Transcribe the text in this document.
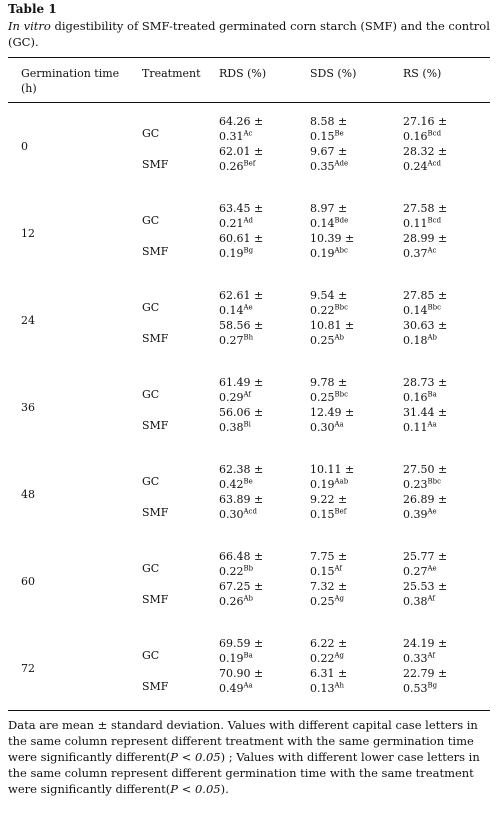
Table 1
In vitro digestibility of SMF-treated germinated corn starch (SMF) and the control (GC).
Germination time (h)
Treatment RDS (%)	SDS (%)	RS (%)
0
GC
64.26 ±
$0.31^{Ac}$
8.58 ±
$0.15^{Be}$
27.16 ±
$0.16^{Bcd}$
SMF
62.01 ±
$0.26^{Bef}$
9.67 ±
$0.35^{Ade}$
28.32 ±
$0.24^{Acd}$
12
GC
63.45 ±
$0.21^{Ad}$
8.97 ±
$0.14^{Bde}$
27.58 ±
$0.11^{Bcd}$
SMF
60.61 ±
$0.19^{Bg}$
10.39 ±
$0.19^{Abc}$
28.99 ±
$0.37^{Ac}$
24
GC
62.61 ±
$0.14^{Ae}$
9.54 ±
$0.22^{Bbc}$
27.85 ±
$0.14^{Bbc}$
SMF
58.56 ±
$0.27^{Bh}$
10.81 ±
$0.25^{Ab}$
30.63 ±
$0.18^{Ab}$
36
GC
61.49 ±
$0.29^{Af}$
9.78 ±
$0.25^{Bbc}$
28.73 ±
$0.16^{Ba}$
SMF
56.06 ±
$0.38^{Bi}$
12.49 ±
$0.30^{Aa}$
31.44 ±
$0.11^{Aa}$
48
GC
62.38 ±
$0.42^{Be}$
10.11 ±
$0.19^{Aab}$
27.50 ±
$0.23^{Bbc}$
SMF
63.89 ±
$0.30^{Acd}$
9.22 ±
$0.15^{Bef}$
26.89 ±
$0.39^{Ae}$
60
GC
66.48 ±
$0.22^{Bb}$
7.75 ±
$0.15^{Af}$
25.77 ±
$0.27^{Ae}$
SMF
67.25 ±
$0.26^{Ab}$
7.32 ±
$0.25^{Ag}$
25.53 ±
$0.38^{Af}$
72
GC
69.59 ±
$0.19^{Ba}$
6.22 ±
$0.22^{Ag}$
24.19 ±
$0.33^{Af}$
SMF
70.90 ±
$0.49^{Aa}$
6.31 ±
$0.13^{Ah}$
22.79 ±
$0.53^{Bg}$
Data are mean ± standard deviation. Values with different capital case letters in the same column represent different treatment with the same germination time were significantly different(P < 0.05) ; Values with different lower case letters in the same column represent different germination time with the same treatment were significantly different(P < 0.05).
